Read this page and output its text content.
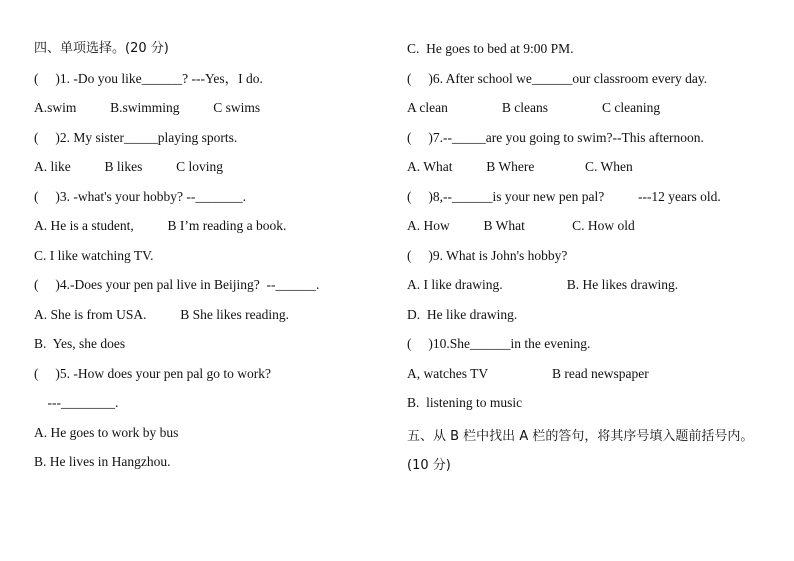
四、单项选择。(20 分)
(     )1. -Do you like______? ---Yes，I do.
A.swim          B.swimming          C swims
(     )2. My sister_____playing sports.
A. like          B likes          C loving
(     )3. -what's your hobby? --_______.
A. He is a student,          B I’m reading a book.
C. I like watching TV.
(     )4.-Does your pen pal live in Beijing?  --______.
A. She is from USA.          B She likes reading.
B.  Yes, she does
(     )5. -How does your pen pal go to work?
---________.
A. He goes to work by bus
B. He lives in Hangzhou.
C.  He goes to bed at 9:00 PM.
(     )6. After school we______our classroom every day.
A clean                B cleans                C cleaning
(     )7.--_____are you going to swim?--This afternoon.
A. What          B Where               C. When
(     )8,--______is your new pen pal?          ---12 years old.
A. How          B What              C. How old
(     )9. What is John's hobby?
A. I like drawing.                   B. He likes drawing.
D.  He like drawing.
(     )10.She______in the evening.
A, watches TV                   B read newspaper
B.  listening to music
五、从 B 栏中找出 A 栏的答句，将其序号填入题前括号内。(10 分)
